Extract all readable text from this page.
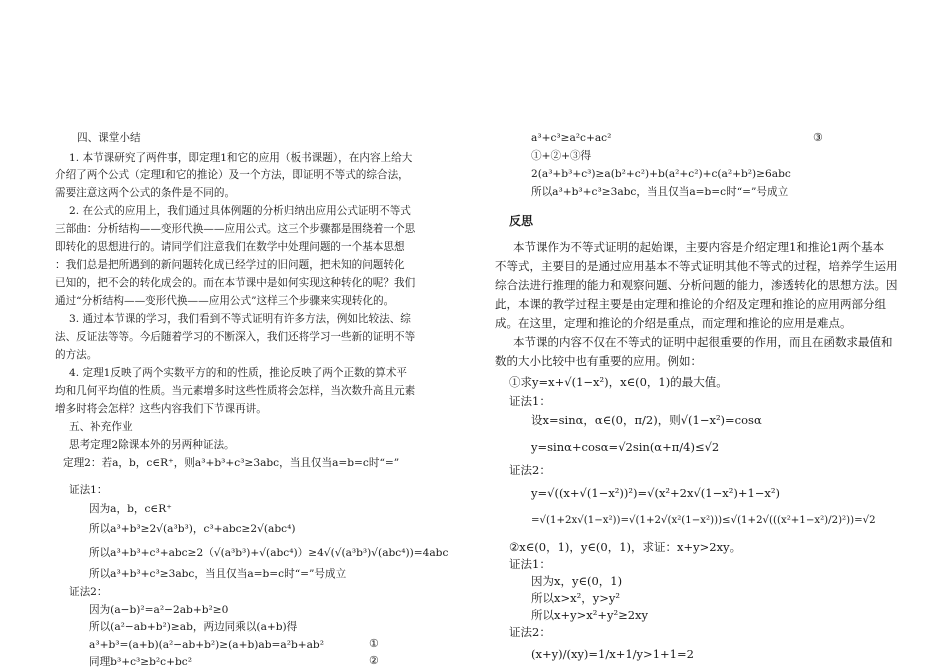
四、课堂小结
1. 本节课研究了两件事，即定理1和它的应用（板书课题），在内容上给大
介绍了两个公式（定理Ⅰ和它的推论）及一个方法，即证明不等式的综合法，
需要注意这两个公式的条件是不同的。
2. 在公式的应用上，我们通过具体例题的分析归纳出应用公式证明不等式
三部曲：分析结构——变形代换——应用公式。这三个步骤都是围绕着一个思
即转化的思想进行的。请同学们注意我们在数学中处理问题的一个基本思想
：我们总是把所遇到的新问题转化成已经学过的旧问题，把未知的问题转化
已知的，把不会的转化成会的。而在本节课中是如何实现这种转化的呢？我们
通过“分析结构——变形代换——应用公式”这样三个步骤来实现转化的。
3. 通过本节课的学习，我们看到不等式证明有许多方法，例如比较法、综
法、反证法等等。今后随着学习的不断深入，我们还将学习一些新的证明不等
的方法。
4. 定理1反映了两个实数平方的和的性质，推论反映了两个正数的算术平
均和几何平均值的性质。当元素增多时这些性质将会怎样，当次数升高且元素
增多时将会怎样？这些内容我们下节课再讲。
五、补充作业
思考定理2除课本外的另两种证法。
定理2：若a，b，c∈R⁺，则a³+b³+c³≥3abc，当且仅当a=b=c时“=”
证法1：
因为a，b，c∈R⁺
所以a³+b³≥2√(a³b³)，c³+abc≥2√(abc⁴)
所以a³+b³+c³+abc≥2（√(a³b³)+√(abc⁴)）≥4√(√(a³b³)√(abc⁴))=4abc
所以a³+b³+c³≥3abc，当且仅当a=b=c时“=”号成立
证法2：
因为(a−b)²=a²−2ab+b²≥0
所以(a²−ab+b²)≥ab，两边同乘以(a+b)得
a³+b³=(a+b)(a²−ab+b²)≥(a+b)ab=a²b+ab²
同理b³+c³≥b²c+bc²
①
②
a³+c³≥a²c+ac²	③
①+②+③得
2(a³+b³+c³)≥a(b²+c²)+b(a²+c²)+c(a²+b²)≥6abc
所以a³+b³+c³≥3abc，当且仅当a=b=c时“=”号成立
反思
本节课作为不等式证明的起始课，主要内容是介绍定理1和推论1两个基本
不等式，主要目的是通过应用基本不等式证明其他不等式的过程，培养学生运用
综合法进行推理的能力和观察问题、分析问题的能力，渗透转化的思想方法。因
此，本课的教学过程主要是由定理和推论的介绍及定理和推论的应用两部分组
成。在这里，定理和推论的介绍是重点，而定理和推论的应用是难点。
本节课的内容不仅在不等式的证明中起很重要的作用，而且在函数求最值和
数的大小比较中也有重要的应用。例如：
①求y=x+√(1−x²)，x∈(0，1)的最大值。
证法1：
设x=sinα，α∈(0，π/2)，则√(1−x²)=cosα
y=sinα+cosα=√2sin(α+π/4)≤√2
证法2：
y=√((x+√(1−x²))²)=√(x²+2x√(1−x²)+1−x²)
=√(1+2x√(1−x²))=√(1+2√(x²(1−x²)))≤√(1+2√(((x²+1−x²)/2)²))=√2
②x∈(0，1)，y∈(0，1)，求证：x+y>2xy。
证法1：
因为x，y∈(0，1)
所以x>x²，y>y²
所以x+y>x²+y²≥2xy
证法2：
(x+y)/(xy)=1/x+1/y>1+1=2
